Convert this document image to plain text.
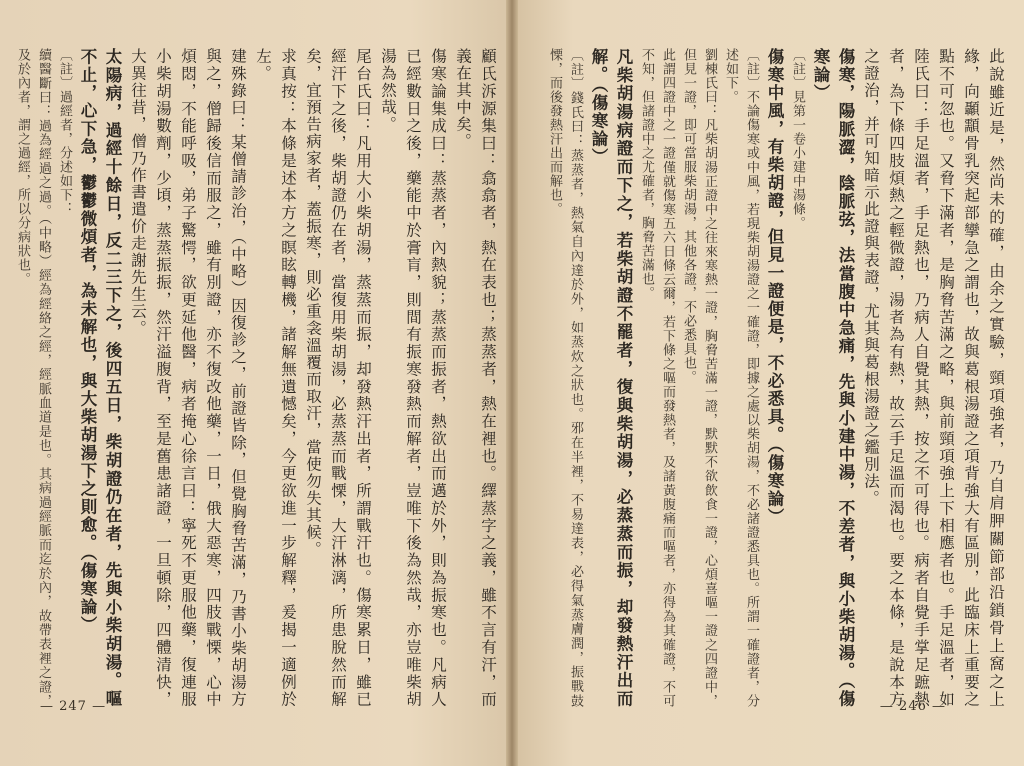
顧氏泝源集曰：翕翕者，熱在表也；蒸蒸者，熱在裡也。繹蒸字之義，雖不言有汗，而義在其中矣。

傷寒論集成曰：蒸蒸者，內熱貌；蒸蒸而振者，熱欲出而邁於外，則為振寒也。凡病人已經數日之後，藥能中於膏肓，則間有振寒發熱而解者，豈唯下後為然哉，亦豈唯柴胡湯為然哉。

尾台氏曰：凡用大小柴胡湯，蒸蒸而振，却發熱汗出者，所謂戰汗也。傷寒累日，雖已經汗下之後，柴胡證仍在者，當復用柴胡湯，必蒸蒸而戰慄，大汗淋漓，所患脫然而解矣，宜預告病家者，蓋振寒，則必重衾溫覆而取汗，當使勿失其候。

求真按：本條是述本方之瞑眩轉機，諸解無遺憾矣，今更欲進一步解釋，爰揭一適例於左。

建殊錄曰：某僧請診治，（中略）因復診之，前證皆除，但覺胸脅苦滿，乃書小柴胡湯方與之，僧歸後信而服之，雖有別證，亦不復改他藥，一日，俄大惡寒，四肢戰慄，心中煩悶，不能呼吸，弟子驚愕，欲更延他醫，病者掩心徐言曰：寧死不更服他藥，復連服小柴胡湯數劑，少頃，蒸蒸振振，然汗溢腹背，至是舊患諸證，一旦頓除，四體清快，大異往昔，僧乃作書遣价走謝先生云。

太陽病，過經十餘日，反二三下之，後四五日，柴胡證仍在者，先與小柴胡湯。嘔不止，心下急，鬱鬱微煩者，為未解也，與大柴胡湯下之則愈。（傷寒論）

〔註〕過經者，分述如下：

續醫斷曰：過為經過之過。（中略）經為經絡之經，經脈血道是也。其病過經脈而迄於內，故帶表裡之證，及於內者，謂之過經，所以分病狀也。

— 247 —	此說雖近是，然尚未的確，由余之實驗，頸項強者，乃自肩胛關節部沿鎖骨上窩之上緣，向顳顬骨乳突起部攣急之謂也，故與葛根湯證之項背強大有區別，此臨床上重要之點不可忽也。又脅下滿者，是胸脅苦滿之略，與前頸項強上下相應者也。手足溫者，如陸氏曰：手足溫者，手足熱也，乃病人自覺其熱，按之不可得也。病者自覺手掌足蹠熱者，為下條四肢煩熱之輕微證，湯者為有熱，故云手足溫而渴也。要之本條，是說本方之證治，并可知暗示此證與表證，尤其與葛根湯證之鑑別法。

傷寒，陽脈澀，陰脈弦，法當腹中急痛，先與小建中湯，不差者，與小柴胡湯。（傷寒論）

〔註〕見第一卷小建中湯條。

傷寒中風，有柴胡證，但見一證便是，不必悉具。（傷寒論）

〔註〕不論傷寒或中風，若現柴胡湯證之一確證，即據之處以柴胡湯，不必諸證悉具也。所謂一確證者，分述如下。

劉棟氏曰：凡柴胡湯正證中之往來寒熱一證，胸脅苦滿一證，默默不欲飲食一證，心煩喜嘔一證之四證中，但見一證，即可當服柴胡湯，其他各證，不必悉具也。

此謂四證中之一證僅就傷寒五六日條云爾，若下條之嘔而發熱者，及諸黃腹痛而嘔者，亦得為其確證，不可不知，但諸證中之尤確者，胸脅苦滿也。

凡柴胡湯病證而下之，若柴胡證不罷者，復與柴胡湯，必蒸蒸而振，却發熱汗出而解。（傷寒論）

〔註〕錢氏曰：蒸蒸者，熱氣自內達於外，如蒸炊之狀也。邪在半裡，不易達表，必得氣蒸膚潤，振戰鼓慄，而後發熱汗出而解也。

— 246 —
